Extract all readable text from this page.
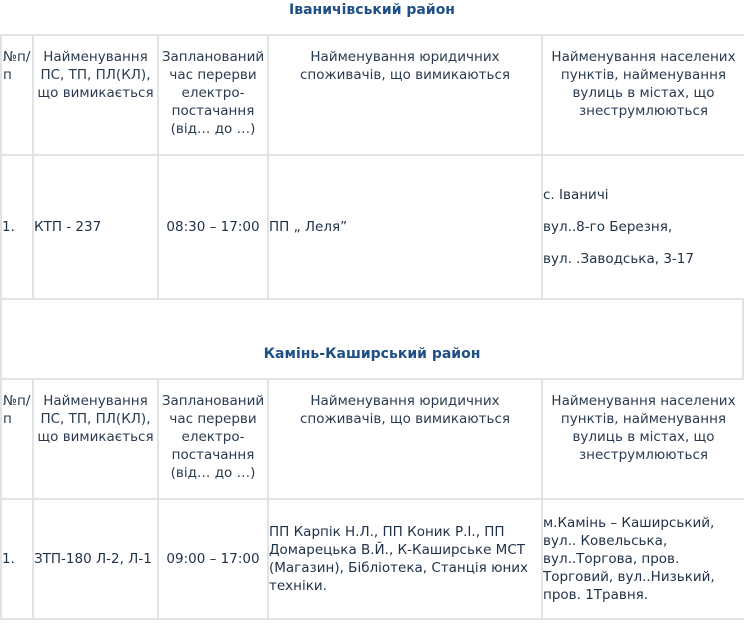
Іваничівський район
№п/п	Найменування ПС, ТП, ПЛ(КЛ), що вимикається	Запланований час перерви електро-постачання (від… до …)	Найменування юридичних споживачів, що вимикаються	Найменування населених пунктів, найменування вулиць в містах, що знеструмлюються
1.	КТП - 237	08:30 – 17:00	ПП „ Леля”	с. Іваничі

вул..8-го Березня,

вул. .Заводська, 3-17

Камінь-Каширський район
№п/п	Найменування ПС, ТП, ПЛ(КЛ), що вимикається	Запланований час перерви електро-постачання (від… до …)	Найменування юридичних споживачів, що вимикаються	Найменування населених пунктів, найменування вулиць в містах, що знеструмлюються
1.	ЗТП-180 Л-2, Л-1	09:00 – 17:00	ПП Карпік Н.Л., ПП Коник Р.І., ПП Домарецька В.Й., К-Каширське МСТ (Магазин), Бібліотека, Станція юних техніки.	м.Камінь – Каширський, вул.. Ковельська, вул..Торгова, пров. Торговий, вул..Низький, пров. 1Травня.
